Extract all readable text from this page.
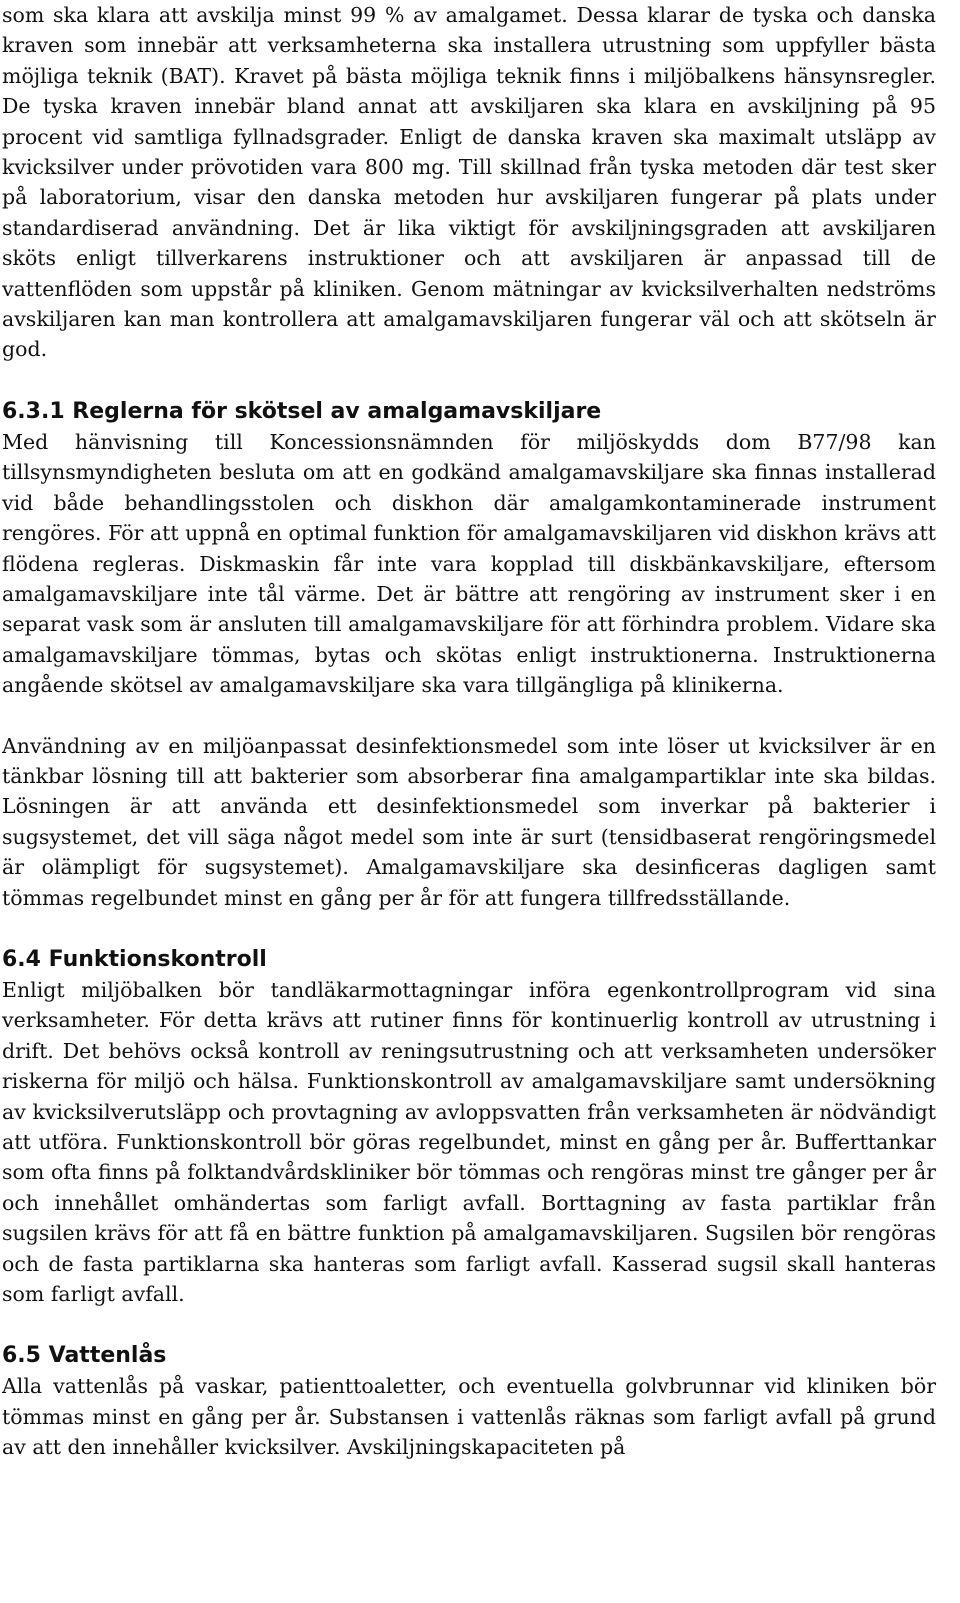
som ska klara att avskilja minst 99 % av amalgamet. Dessa klarar de tyska och danska kraven som innebär att verksamheterna ska installera utrustning som uppfyller bästa möjliga teknik (BAT). Kravet på bästa möjliga teknik finns i miljöbalkens hänsynsregler. De tyska kraven innebär bland annat att avskiljaren ska klara en avskiljning på 95 procent vid samtliga fyllnadsgrader. Enligt de danska kraven ska maximalt utsläpp av kvicksilver under prövotiden vara 800 mg. Till skillnad från tyska metoden där test sker på laboratorium, visar den danska metoden hur avskiljaren fungerar på plats under standardiserad användning. Det är lika viktigt för avskiljningsgraden att avskiljaren sköts enligt tillverkarens instruktioner och att avskiljaren är anpassad till de vattenflöden som uppstår på kliniken. Genom mätningar av kvicksilverhalten nedströms avskiljaren kan man kontrollera att amalgamavskiljaren fungerar väl och att skötseln är god.

6.3.1 Reglerna för skötsel av amalgamavskiljare

Med hänvisning till Koncessionsnämnden för miljöskydds dom B77/98 kan tillsynsmyndigheten besluta om att en godkänd amalgamavskiljare ska finnas installerad vid både behandlingsstolen och diskhon där amalgamkontaminerade instrument rengöres. För att uppnå en optimal funktion för amalgamavskiljaren vid diskhon krävs att flödena regleras. Diskmaskin får inte vara kopplad till diskbänkavskiljare, eftersom amalgamavskiljare inte tål värme. Det är bättre att rengöring av instrument sker i en separat vask som är ansluten till amalgamavskiljare för att förhindra problem. Vidare ska amalgamavskiljare tömmas, bytas och skötas enligt instruktionerna. Instruktionerna angående skötsel av amalgamavskiljare ska vara tillgängliga på klinikerna.

Användning av en miljöanpassat desinfektionsmedel som inte löser ut kvicksilver är en tänkbar lösning till att bakterier som absorberar fina amalgampartiklar inte ska bildas. Lösningen är att använda ett desinfektionsmedel som inverkar på bakterier i sugsystemet, det vill säga något medel som inte är surt (tensidbaserat rengöringsmedel är olämpligt för sugsystemet). Amalgamavskiljare ska desinficeras dagligen samt tömmas regelbundet minst en gång per år för att fungera tillfredsställande.

6.4 Funktionskontroll

Enligt miljöbalken bör tandläkarmottagningar införa egenkontrollprogram vid sina verksamheter. För detta krävs att rutiner finns för kontinuerlig kontroll av utrustning i drift. Det behövs också kontroll av reningsutrustning och att verksamheten undersöker riskerna för miljö och hälsa. Funktionskontroll av amalgamavskiljare samt undersökning av kvicksilverutsläpp och provtagning av avloppsvatten från verksamheten är nödvändigt att utföra. Funktionskontroll bör göras regelbundet, minst en gång per år. Bufferttankar som ofta finns på folktandvårdskliniker bör tömmas och rengöras minst tre gånger per år och innehållet omhändertas som farligt avfall. Borttagning av fasta partiklar från sugsilen krävs för att få en bättre funktion på amalgamavskiljaren. Sugsilen bör rengöras och de fasta partiklarna ska hanteras som farligt avfall. Kasserad sugsil skall hanteras som farligt avfall.

6.5 Vattenlås

Alla vattenlås på vaskar, patienttoaletter, och eventuella golvbrunnar vid kliniken bör tömmas minst en gång per år. Substansen i vattenlås räknas som farligt avfall på grund av att den innehåller kvicksilver. Avskiljningskapaciteten på
